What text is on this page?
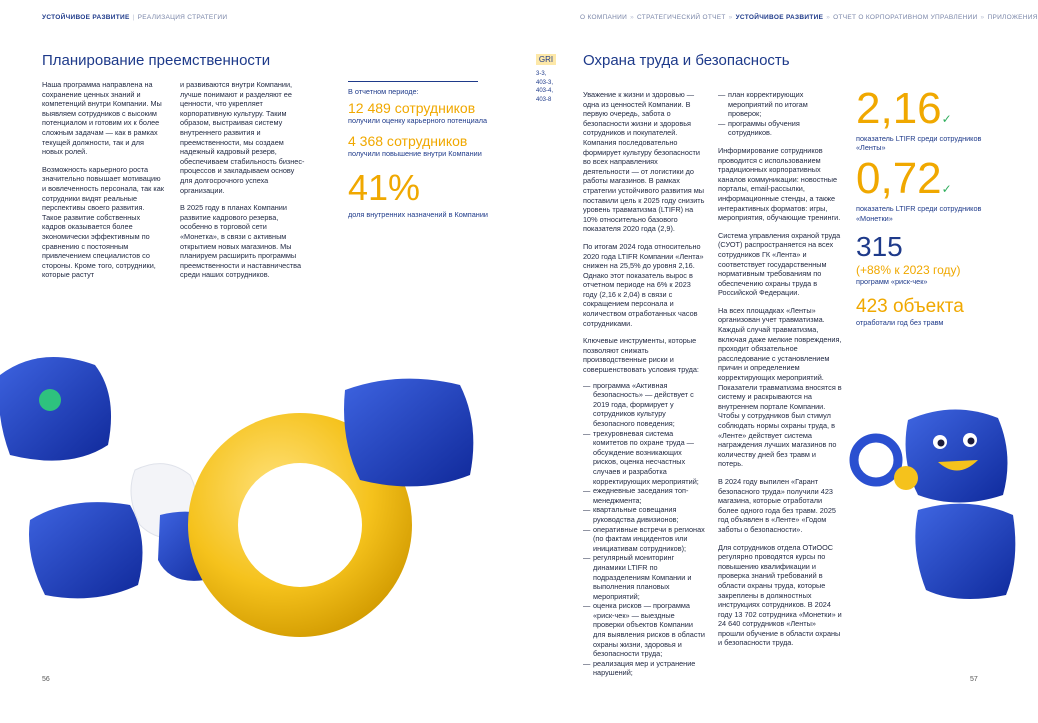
УСТОЙЧИВОЕ РАЗВИТИЕ | РЕАЛИЗАЦИЯ СТРАТЕГИИ	О КОМПАНИИ » СТРАТЕГИЧЕСКИЙ ОТЧЕТ » УСТОЙЧИВОЕ РАЗВИТИЕ » ОТЧЕТ О КОРПОРАТИВНОМ УПРАВЛЕНИИ » ПРИЛОЖЕНИЯ
Планирование преемственности

Наша программа направлена на сохранение ценных знаний и компетенций внутри Компании. Мы выявляем сотрудников с высоким потенциалом и готовим их к более сложным задачам — как в рамках текущей должности, так и для новых ролей.

Возможность карьерного роста значительно повышает мотивацию и вовлеченность персонала, так как сотрудники видят реальные перспективы своего развития. Такое развитие собственных кадров оказывается более экономически эффективным по сравнению с постоянным привлечением специалистов со стороны. Кроме того, сотрудники, которые растут

и развиваются внутри Компании, лучше понимают и разделяют ее ценности, что укрепляет корпоративную культуру. Таким образом, выстраивая систему внутреннего развития и преемственности, мы создаем надежный кадровый резерв, обеспечиваем стабильность бизнес-процессов и закладываем основу для долгосрочного успеха организации.

В 2025 году в планах Компании развитие кадрового резерва, особенно в торговой сети «Монетка», в связи с активным открытием новых магазинов. Мы планируем расширить программы преемственности и наставничества среди наших сотрудников.

В отчетном периоде:
12 489 сотрудников
получили оценку карьерного потенциала
4 368 сотрудников
получили повышение внутри Компании
41%
доля внутренних назначений в Компании
56
GRI
3-3,
403-3,
403-4,
403-8
Охрана труда и безопасность

Уважение к жизни и здоровью — одна из ценностей Компании. В первую очередь, забота о безопасности жизни и здоровья сотрудников и покупателей. Компания последовательно формирует культуру безопасности во всех направлениях деятельности — от логистики до работы магазинов. В рамках стратегии устойчивого развития мы поставили цель к 2025 году снизить уровень травматизма (LTIFR) на 10% относительно базового показателя 2020 года (2,9).

По итогам 2024 года относительно 2020 года LTIFR Компании «Лента» снижен на 25,5% до уровня 2,16. Однако этот показатель вырос в отчетном периоде на 6% к 2023 году (2,16 к 2,04) в связи с сокращением персонала и количеством отработанных часов сотрудниками.

Ключевые инструменты, которые позволяют снижать производственные риски и совершенствовать условия труда:

— программа «Активная безопасность» — действует с 2019 года, формирует у сотрудников культуру безопасного поведения;
— трехуровневая система комитетов по охране труда — обсуждение возникающих рисков, оценка несчастных случаев и разработка корректирующих мероприятий;
— ежедневные заседания топ-менеджмента;
— квартальные совещания руководства дивизионов;
— оперативные встречи в регионах (по фактам инцидентов или инициативам сотрудников);
— регулярный мониторинг динамики LTIFR по подразделениям Компании и выполнения плановых мероприятий;
— оценка рисков — программа «риск-чек» — выездные проверки объектов Компании для выявления рисков в области охраны жизни, здоровья и безопасности труда;
— реализация мер и устранение нарушений;
— план корректирующих мероприятий по итогам проверок;
— программы обучения сотрудников.

Информирование сотрудников проводится с использованием традиционных корпоративных каналов коммуникации: новостные порталы, email-рассылки, информационные стенды, а также интерактивных форматов: игры, мероприятия, обучающие тренинги.

Система управления охраной труда (СУОТ) распространяется на всех сотрудников ГК «Лента» и соответствует государственным нормативным требованиям по обеспечению охраны труда в Российской Федерации.

На всех площадках «Ленты» организован учет травматизма. Каждый случай травматизма, включая даже мелкие повреждения, проходит обязательное расследование с установлением причин и определением корректирующих мероприятий. Показатели травматизма вносятся в систему и раскрываются на внутреннем портале Компании. Чтобы у сотрудников был стимул соблюдать нормы охраны труда, в «Ленте» действует система награждения лучших магазинов по количеству дней без травм и потерь.

В 2024 году выпилен «Гарант безопасного труда» получили 423 магазина, которые отработали более одного года без травм. 2025 год объявлен в «Ленте» «Годом заботы о безопасности».

Для сотрудников отдела ОТиООС регулярно проводятся курсы по повышению квалификации и проверка знаний требований в области охраны труда, которые закреплены в должностных инструкциях сотрудников. В 2024 году 13 702 сотрудника «Монетки» и 24 640 сотрудников «Ленты» прошли обучение в области охраны и безопасности труда.

2,16✓
показатель LTIFR среди сотрудников «Ленты»
0,72✓
показатель LTIFR среди сотрудников «Монетки»
315
(+88% к 2023 году)
программ «риск-чек»
423 объекта
отработали год без травм
57
